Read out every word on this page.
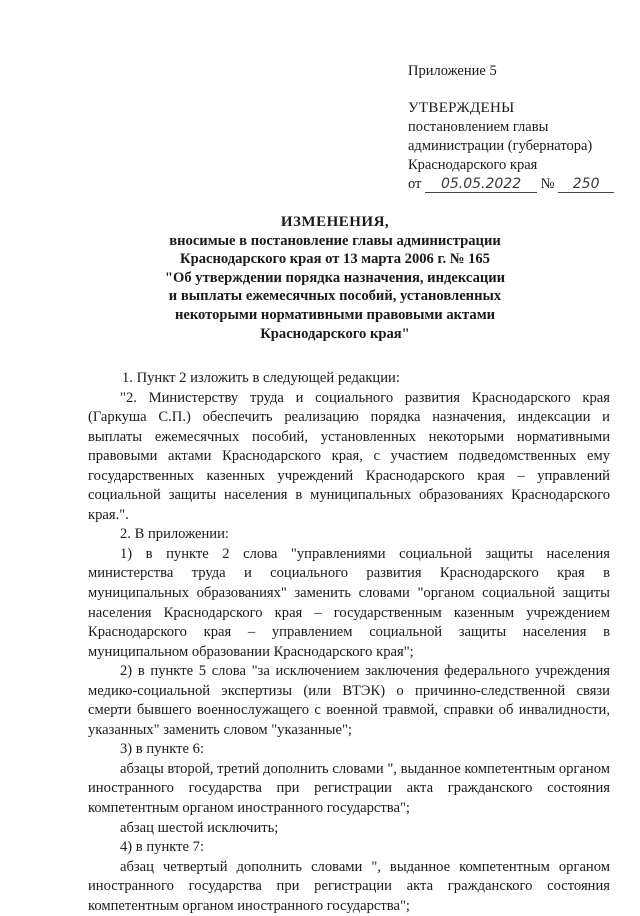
Приложение 5
УТВЕРЖДЕНЫ
постановлением главы
администрации (губернатора)
Краснодарского края
от 05.05.2022 № 250
ИЗМЕНЕНИЯ,
вносимые в постановление главы администрации
Краснодарского края от 13 марта 2006 г. № 165
"Об утверждении порядка назначения, индексации
и выплаты ежемесячных пособий, установленных
некоторыми нормативными правовыми актами
Краснодарского края"

1. Пункт 2 изложить в следующей редакции:

"2. Министерству труда и социального развития Краснодарского края (Гаркуша С.П.) обеспечить реализацию порядка назначения, индексации и выплаты ежемесячных пособий, установленных некоторыми нормативными правовыми актами Краснодарского края, с участием подведомственных ему государственных казенных учреждений Краснодарского края – управлений социальной защиты населения в муниципальных образованиях Краснодарского края.".

2. В приложении:

1) в пункте 2 слова "управлениями социальной защиты населения министерства труда и социального развития Краснодарского края в муниципальных образованиях" заменить словами "органом социальной защиты населения Краснодарского края – государственным казенным учреждением Краснодарского края – управлением социальной защиты населения в муниципальном образовании Краснодарского края";

2) в пункте 5 слова "за исключением заключения федерального учреждения медико-социальной экспертизы (или ВТЭК) о причинно-следственной связи смерти бывшего военнослужащего с военной травмой, справки об инвалидности, указанных" заменить словом "указанные";

3) в пункте 6:

абзацы второй, третий дополнить словами ", выданное компетентным органом иностранного государства при регистрации акта гражданского состояния компетентным органом иностранного государства";

абзац шестой исключить;

4) в пункте 7:

абзац четвертый дополнить словами ", выданное компетентным органом иностранного государства при регистрации акта гражданского состояния компетентным органом иностранного государства";
